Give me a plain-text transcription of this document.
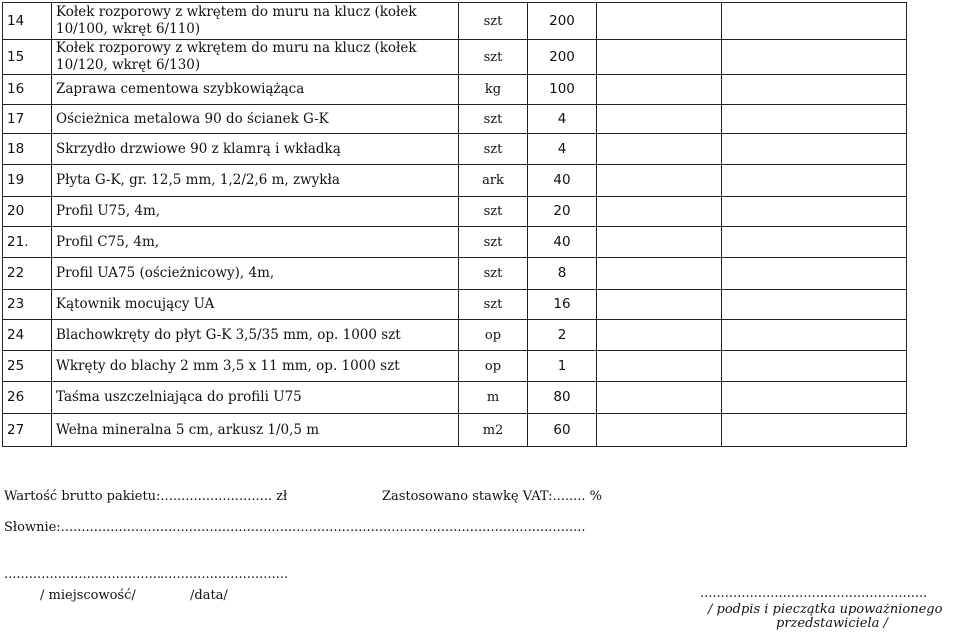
14	Kołek rozporowy z wkrętem do muru na klucz (kołek 10/100, wkręt 6/110)	szt	200		
15	Kołek rozporowy z wkrętem do muru na klucz (kołek 10/120, wkręt 6/130)	szt	200		
16	Zaprawa cementowa szybkowiążąca	kg	100		
17	Ościeżnica metalowa 90 do ścianek G-K	szt	4		
18	Skrzydło drzwiowe 90 z klamrą i wkładką	szt	4		
19	Płyta G-K, gr. 12,5 mm, 1,2/2,6 m, zwykła	ark	40		
20	Profil U75, 4m,	szt	20		
21.	Profil C75, 4m,	szt	40		
22	Profil UA75 (ościeżnicowy), 4m,	szt	8		
23	Kątownik mocujący UA	szt	16		
24	Blachowkręty do płyt G-K 3,5/35 mm, op. 1000 szt	op	2		
25	Wkręty do blachy 2 mm 3,5 x 11 mm, op. 1000 szt	op	1		
26	Taśma uszczelniająca do profili U75	m	80		
27	Wełna mineralna 5 cm, arkusz 1/0,5 m	m2	60		
Wartość brutto pakietu:........................... zł	Zastosowano stawkę VAT:........ %
Słownie:...............................................................................................................................
......................................
...............................
/ miejscowość/	/data/	.......................................................
/ podpis i pieczątka upoważnionego
przedstawiciela /
